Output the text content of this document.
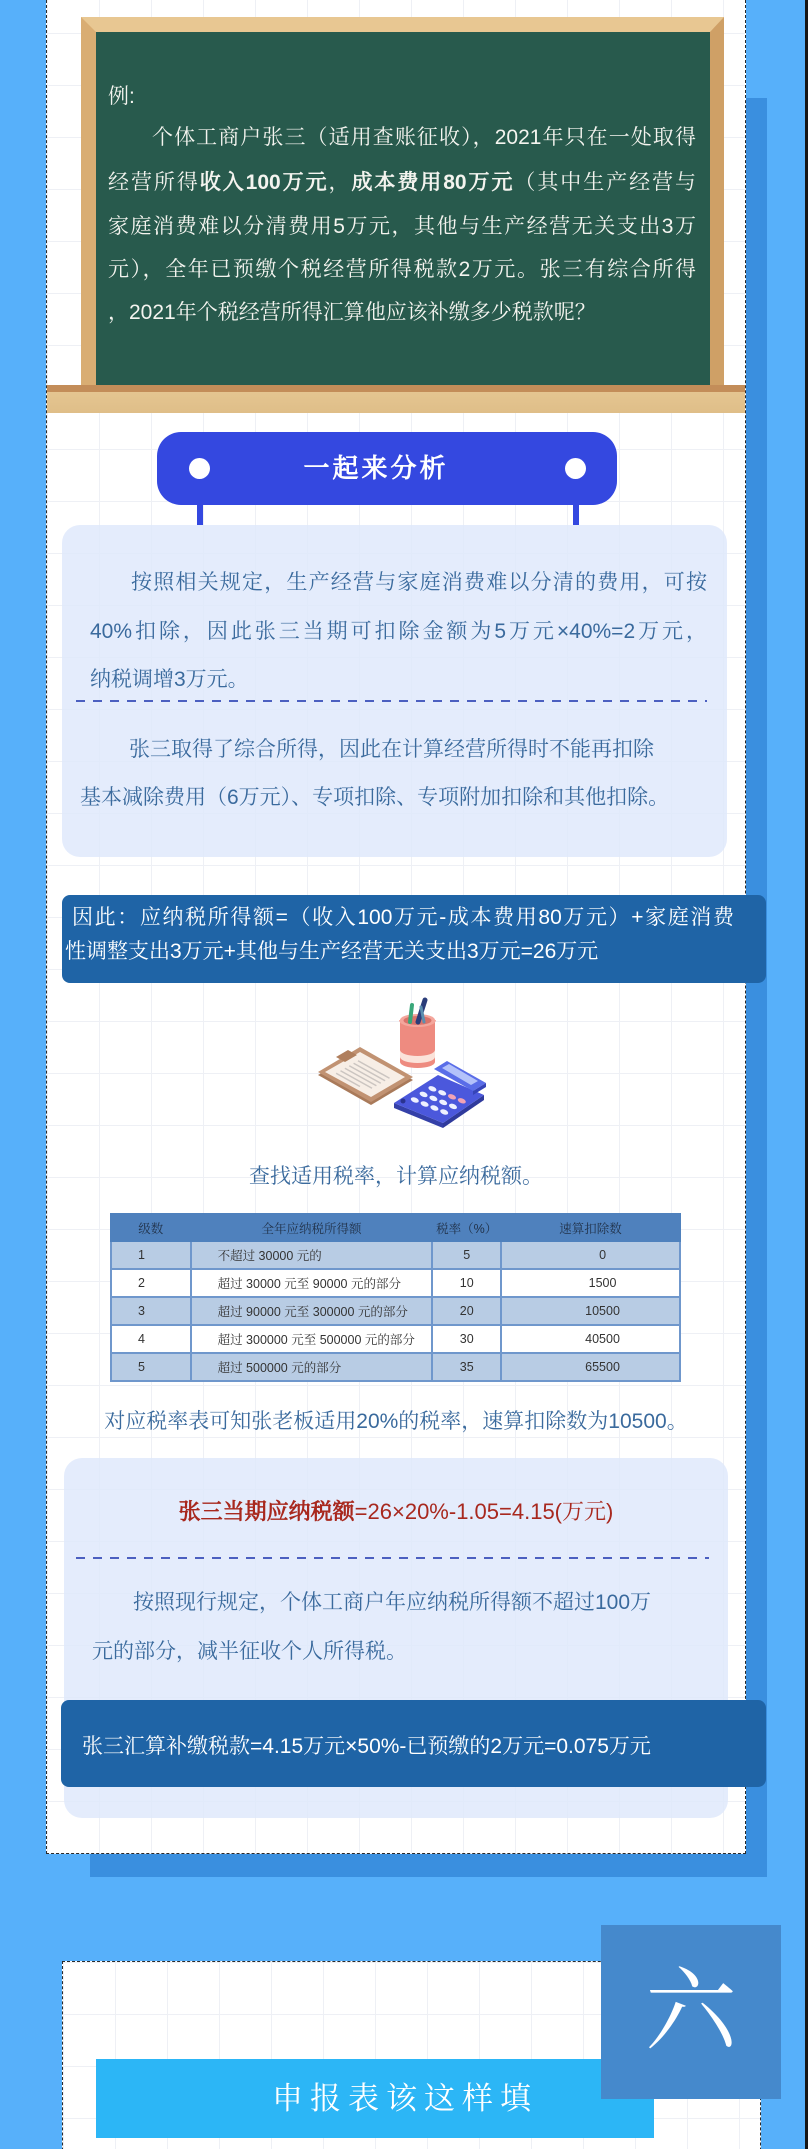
例:
个体工商户张三（适用查账征收），2021年只在一处取得
经营所得收入100万元，成本费用80万元（其中生产经营与
家庭消费难以分清费用5万元，其他与生产经营无关支出3万
元），全年已预缴个税经营所得税款2万元。张三有综合所得
，2021年个税经营所得汇算他应该补缴多少税款呢？
一起来分析
按照相关规定，生产经营与家庭消费难以分清的费用，可按
40%扣除，因此张三当期可扣除金额为5万元×40%=2万元，
纳税调增3万元。
张三取得了综合所得，因此在计算经营所得时不能再扣除
基本减除费用（6万元）、专项扣除、专项附加扣除和其他扣除。
因此：应纳税所得额=（收入100万元-成本费用80万元）+家庭消费
性调整支出3万元+其他与生产经营无关支出3万元=26万元
查找适用税率，计算应纳税额。
级数	全年应纳税所得额	税率（%）	速算扣除数
1	不超过 30000 元的	5	0
2	超过 30000 元至 90000 元的部分	10	1500
3	超过 90000 元至 300000 元的部分	20	10500
4	超过 300000 元至 500000 元的部分	30	40500
5	超过 500000 元的部分	35	65500
对应税率表可知张老板适用20%的税率，速算扣除数为10500。
张三当期应纳税额=26×20%-1.05=4.15(万元)
按照现行规定，个体工商户年应纳税所得额不超过100万
元的部分，减半征收个人所得税。
张三汇算补缴税款=4.15万元×50%-已预缴的2万元=0.075万元
申报表该这样填
六
